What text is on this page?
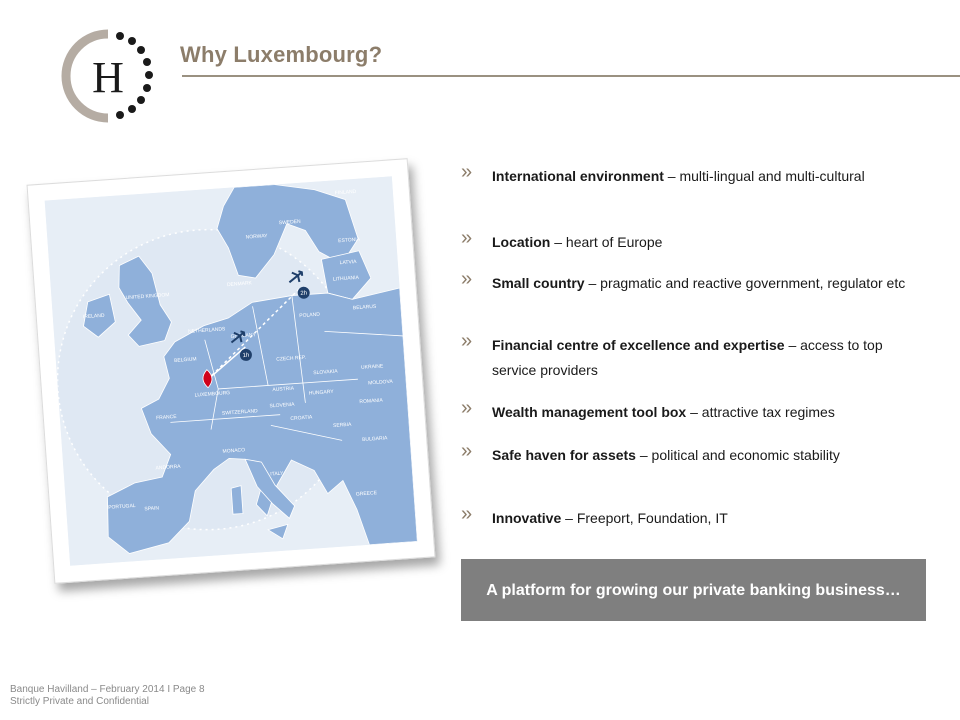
H	Why Luxembourg?
FINLAND
NORWAY
SWEDEN
ESTONIA
LATVIA
LITHUANIA
DENMARK
UNITED KINGDOM
IRELAND
NETHERLANDS
BELGIUM
GERMANY
POLAND
BELARUS
UKRAINE
CZECH REP.
SLOVAKIA
AUSTRIA	HUNGARY
ROMANIA
MOLDOVA
FRANCE
LUXEMBOURG
SWITZERLAND
SLOVENIA
CROATIA
SERBIA
BULGARIA
ITALY
MONACO
ANDORRA
SPAIN
PORTUGAL
GREECE
1h
2h
» International environment – multi-lingual and multi-cultural
» Location – heart of Europe
» Small country – pragmatic and reactive government, regulator etc
» Financial centre of excellence and expertise – access to top service providers
» Wealth management tool box – attractive tax regimes
» Safe haven for assets – political and economic stability
» Innovative – Freeport, Foundation, IT
A platform for growing our private banking business…
Banque Havilland – February 2014 I Page 8
Strictly Private and Confidential
